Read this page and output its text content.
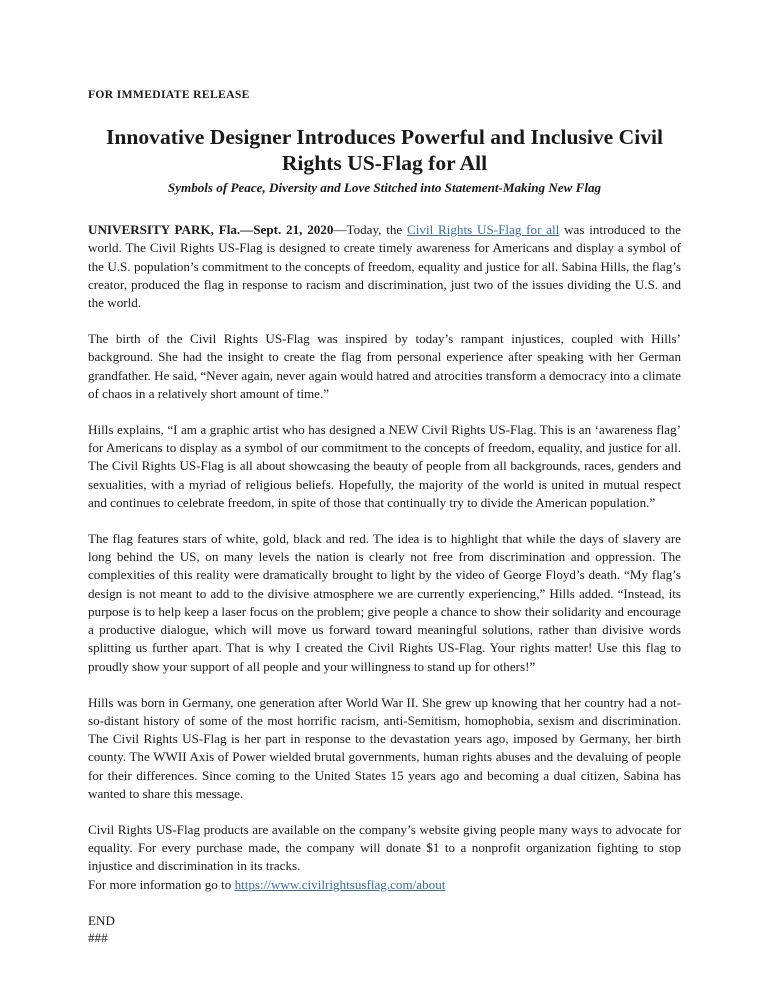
FOR IMMEDIATE RELEASE
Innovative Designer Introduces Powerful and Inclusive Civil Rights US-Flag for All
Symbols of Peace, Diversity and Love Stitched into Statement-Making New Flag

UNIVERSITY PARK, Fla.—Sept. 21, 2020—Today, the Civil Rights US-Flag for all was introduced to the world. The Civil Rights US-Flag is designed to create timely awareness for Americans and display a symbol of the U.S. population’s commitment to the concepts of freedom, equality and justice for all. Sabina Hills, the flag’s creator, produced the flag in response to racism and discrimination, just two of the issues dividing the U.S. and the world.

The birth of the Civil Rights US-Flag was inspired by today’s rampant injustices, coupled with Hills’ background. She had the insight to create the flag from personal experience after speaking with her German grandfather. He said, “Never again, never again would hatred and atrocities transform a democracy into a climate of chaos in a relatively short amount of time.”

Hills explains, “I am a graphic artist who has designed a NEW Civil Rights US-Flag. This is an ‘awareness flag’ for Americans to display as a symbol of our commitment to the concepts of freedom, equality, and justice for all. The Civil Rights US-Flag is all about showcasing the beauty of people from all backgrounds, races, genders and sexualities, with a myriad of religious beliefs. Hopefully, the majority of the world is united in mutual respect and continues to celebrate freedom, in spite of those that continually try to divide the American population.”

The flag features stars of white, gold, black and red. The idea is to highlight that while the days of slavery are long behind the US, on many levels the nation is clearly not free from discrimination and oppression. The complexities of this reality were dramatically brought to light by the video of George Floyd’s death. “My flag’s design is not meant to add to the divisive atmosphere we are currently experiencing,” Hills added. “Instead, its purpose is to help keep a laser focus on the problem; give people a chance to show their solidarity and encourage a productive dialogue, which will move us forward toward meaningful solutions, rather than divisive words splitting us further apart. That is why I created the Civil Rights US-Flag. Your rights matter! Use this flag to proudly show your support of all people and your willingness to stand up for others!”

Hills was born in Germany, one generation after World War II. She grew up knowing that her country had a not-so-distant history of some of the most horrific racism, anti-Semitism, homophobia, sexism and discrimination. The Civil Rights US-Flag is her part in response to the devastation years ago, imposed by Germany, her birth county. The WWII Axis of Power wielded brutal governments, human rights abuses and the devaluing of people for their differences. Since coming to the United States 15 years ago and becoming a dual citizen, Sabina has wanted to share this message.

Civil Rights US-Flag products are available on the company’s website giving people many ways to advocate for equality. For every purchase made, the company will donate $1 to a nonprofit organization fighting to stop injustice and discrimination in its tracks.

For more information go to https://www.civilrightsusflag.com/about
END
###
